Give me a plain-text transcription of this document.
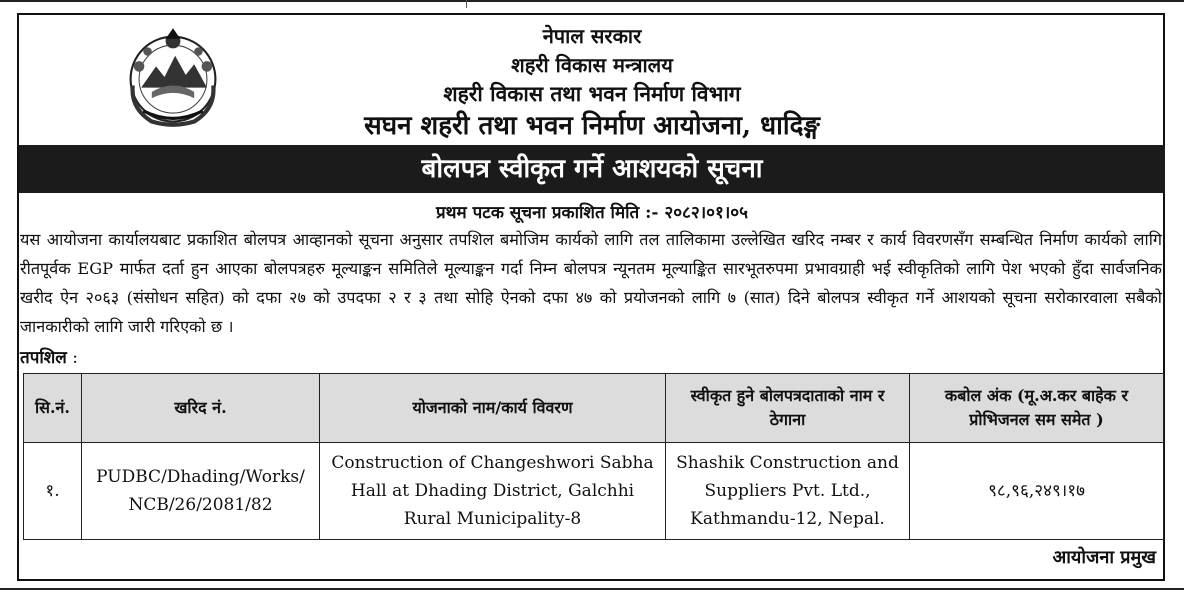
नेपाल सरकार
शहरी विकास मन्त्रालय
शहरी विकास तथा भवन निर्माण विभाग
सघन शहरी तथा भवन निर्माण आयोजना, धादिङ्ग
बोलपत्र स्वीकृत गर्ने आशयको सूचना
प्रथम पटक सूचना प्रकाशित मिति :- २०८२।०१।०५
यस आयोजना कार्यालयबाट प्रकाशित बोलपत्र आव्हानको सूचना अनुसार तपशिल बमोजिम कार्यको लागि तल तालिकामा उल्लेखित खरिद नम्बर र कार्य विवरणसँग सम्बन्धित निर्माण कार्यको लागि रीतपूर्वक EGP मार्फत दर्ता हुन आएका बोलपत्रहरु मूल्याङ्कन समितिले मूल्याङ्कन गर्दा निम्न बोलपत्र न्यूनतम मूल्याङ्कित सारभूतरुपमा प्रभावग्राही भई स्वीकृतिको लागि पेश भएको हुँदा सार्वजनिक खरीद ऐन २०६३ (संसोधन सहित) को दफा २७ को उपदफा २ र ३ तथा सोहि ऐनको दफा ४७ को प्रयोजनको लागि ७ (सात) दिने बोलपत्र स्वीकृत गर्ने आशयको सूचना सरोकारवाला सबैको जानकारीको लागि जारी गरिएको छ ।
तपशिल :
सि.नं.	खरिद नं.	योजनाको नाम/कार्य विवरण	स्वीकृत हुने बोलपत्रदाताको नाम र ठेगाना	कबोल अंक (मू.अ.कर बाहेक र प्रोभिजनल सम समेत )
१.	PUDBC/Dhading/Works/ NCB/26/2081/82	Construction of Changeshwori Sabha Hall at Dhading District, Galchhi Rural Municipality-8	Shashik Construction and Suppliers Pvt. Ltd., Kathmandu-12, Nepal.	९८,९६,२४९।१७
आयोजना प्रमुख
